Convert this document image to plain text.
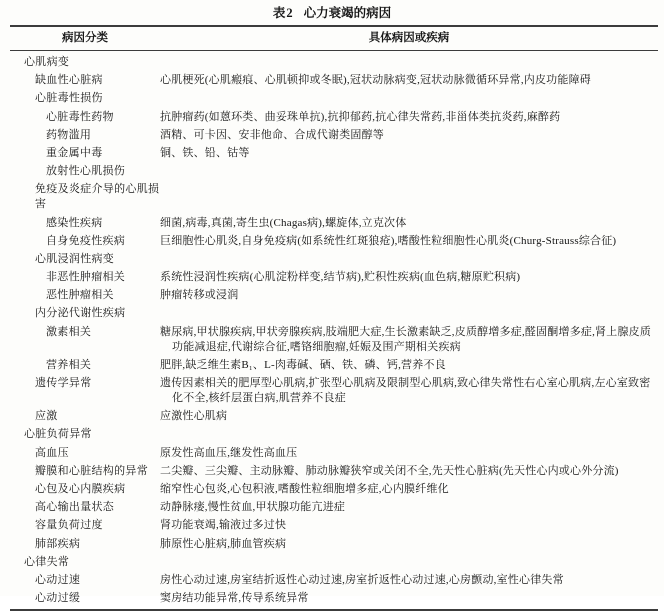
表2 心力衰竭的病因
病因分类	具体病因或疾病
心肌病变
缺血性心脏病	心肌梗死(心肌瘢痕、心肌顿抑或冬眠),冠状动脉病变,冠状动脉微循环异常,内皮功能障碍
心脏毒性损伤
心脏毒性药物	抗肿瘤药(如蒽环类、曲妥珠单抗),抗抑郁药,抗心律失常药,非甾体类抗炎药,麻醉药
药物滥用	酒精、可卡因、安非他命、合成代谢类固醇等
重金属中毒	铜、铁、铅、钴等
放射性心肌损伤
免疫及炎症介导的心肌损害
感染性疾病	细菌,病毒,真菌,寄生虫(Chagas病),螺旋体,立克次体
自身免疫性疾病	巨细胞性心肌炎,自身免疫病(如系统性红斑狼疮),嗜酸性粒细胞性心肌炎(Churg-Strauss综合征)
心肌浸润性病变
非恶性肿瘤相关	系统性浸润性疾病(心肌淀粉样变,结节病),贮积性疾病(血色病,糖原贮积病)
恶性肿瘤相关	肿瘤转移或浸润
内分泌代谢性疾病
激素相关	糖尿病,甲状腺疾病,甲状旁腺疾病,肢端肥大症,生长激素缺乏,皮质醇增多症,醛固酮增多症,肾上腺皮质功能减退症,代谢综合征,嗜铬细胞瘤,妊娠及围产期相关疾病
营养相关	肥胖,缺乏维生素B₁、L-肉毒碱、硒、铁、磷、钙,营养不良
遗传学异常	遗传因素相关的肥厚型心肌病,扩张型心肌病及限制型心肌病,致心律失常性右心室心肌病,左心室致密化不全,核纤层蛋白病,肌营养不良症
应激	应激性心肌病
心脏负荷异常
高血压	原发性高血压,继发性高血压
瓣膜和心脏结构的异常	二尖瓣、三尖瓣、主动脉瓣、肺动脉瓣狭窄或关闭不全,先天性心脏病(先天性心内或心外分流)
心包及心内膜疾病	缩窄性心包炎,心包积液,嗜酸性粒细胞增多症,心内膜纤维化
高心输出量状态	动静脉瘘,慢性贫血,甲状腺功能亢进症
容量负荷过度	肾功能衰竭,输液过多过快
肺部疾病	肺原性心脏病,肺血管疾病
心律失常
心动过速	房性心动过速,房室结折返性心动过速,房室折返性心动过速,心房颤动,室性心律失常
心动过缓	窦房结功能异常,传导系统异常
